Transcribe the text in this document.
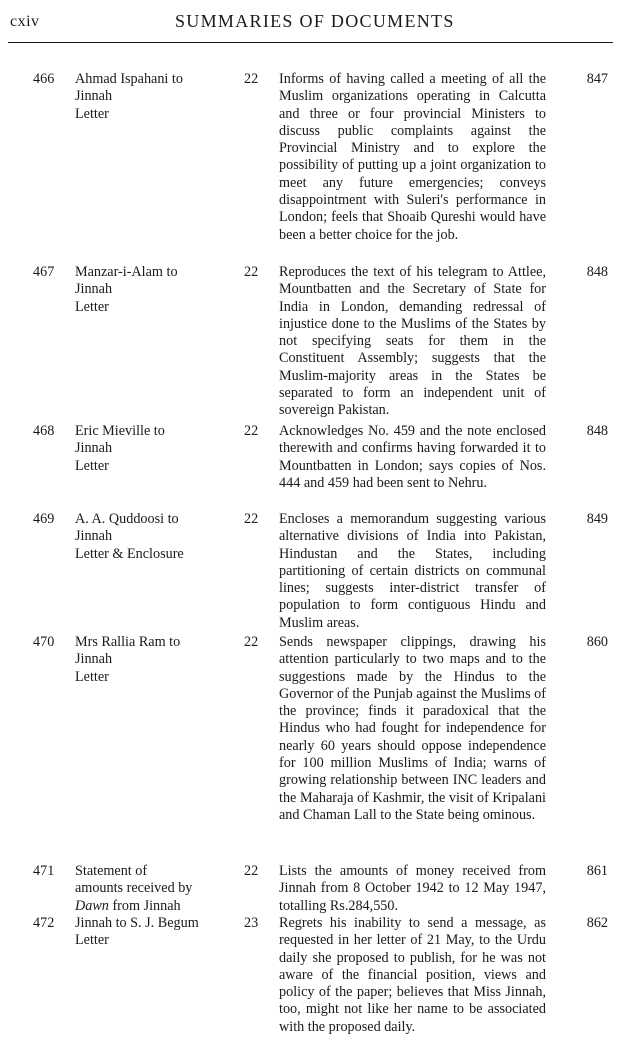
cxiv	SUMMARIES OF DOCUMENTS
466 Ahmad Ispahani to
Jinnah
Letter
22 Informs of having called a meeting of all the Muslim organizations operating in Calcutta and three or four provincial Ministers to discuss public complaints against the Provincial Ministry and to explore the possibility of putting up a joint organization to meet any future emergencies; conveys disappointment with Suleri's performance in London; feels that Shoaib Qureshi would have been a better choice for the job.

847
467 Manzar-i-Alam to
Jinnah
Letter
22 Reproduces the text of his telegram to Attlee, Mountbatten and the Secretary of State for India in London, demanding redressal of injustice done to the Muslims of the States by not specifying seats for them in the Constituent Assembly; suggests that the Muslim-majority areas in the States be separated to form an independent unit of sovereign Pakistan.

848
468 Eric Mieville to
Jinnah
Letter
22 Acknowledges No. 459 and the note enclosed therewith and confirms having forwarded it to Mountbatten in London; says copies of Nos. 444 and 459 had been sent to Nehru.

848
469 A. A. Quddoosi to
Jinnah
Letter & Enclosure
22 Encloses a memorandum suggesting various alternative divisions of India into Pakistan, Hindustan and the States, including partitioning of certain districts on communal lines; suggests inter-district transfer of population to form contiguous Hindu and Muslim areas.

849
470 Mrs Rallia Ram to
Jinnah
Letter
22 Sends newspaper clippings, drawing his attention particularly to two maps and to the suggestions made by the Hindus to the Governor of the Punjab against the Muslims of the province; finds it paradoxical that the Hindus who had fought for independence for nearly 60 years should oppose independence for 100 million Muslims of India; warns of growing relationship between INC leaders and the Maharaja of Kashmir, the visit of Kripalani and Chaman Lall to the State being ominous.

860
471 Statement of
amounts received by
Dawn from Jinnah
22 Lists the amounts of money received from Jinnah from 8 October 1942 to 12 May 1947, totalling Rs.284,550.

861
472 Jinnah to S. J. Begum
Letter
23 Regrets his inability to send a message, as requested in her letter of 21 May, to the Urdu daily she proposed to publish, for he was not aware of the financial position, views and policy of the paper; believes that Miss Jinnah, too, might not like her name to be associated with the proposed daily.

862
